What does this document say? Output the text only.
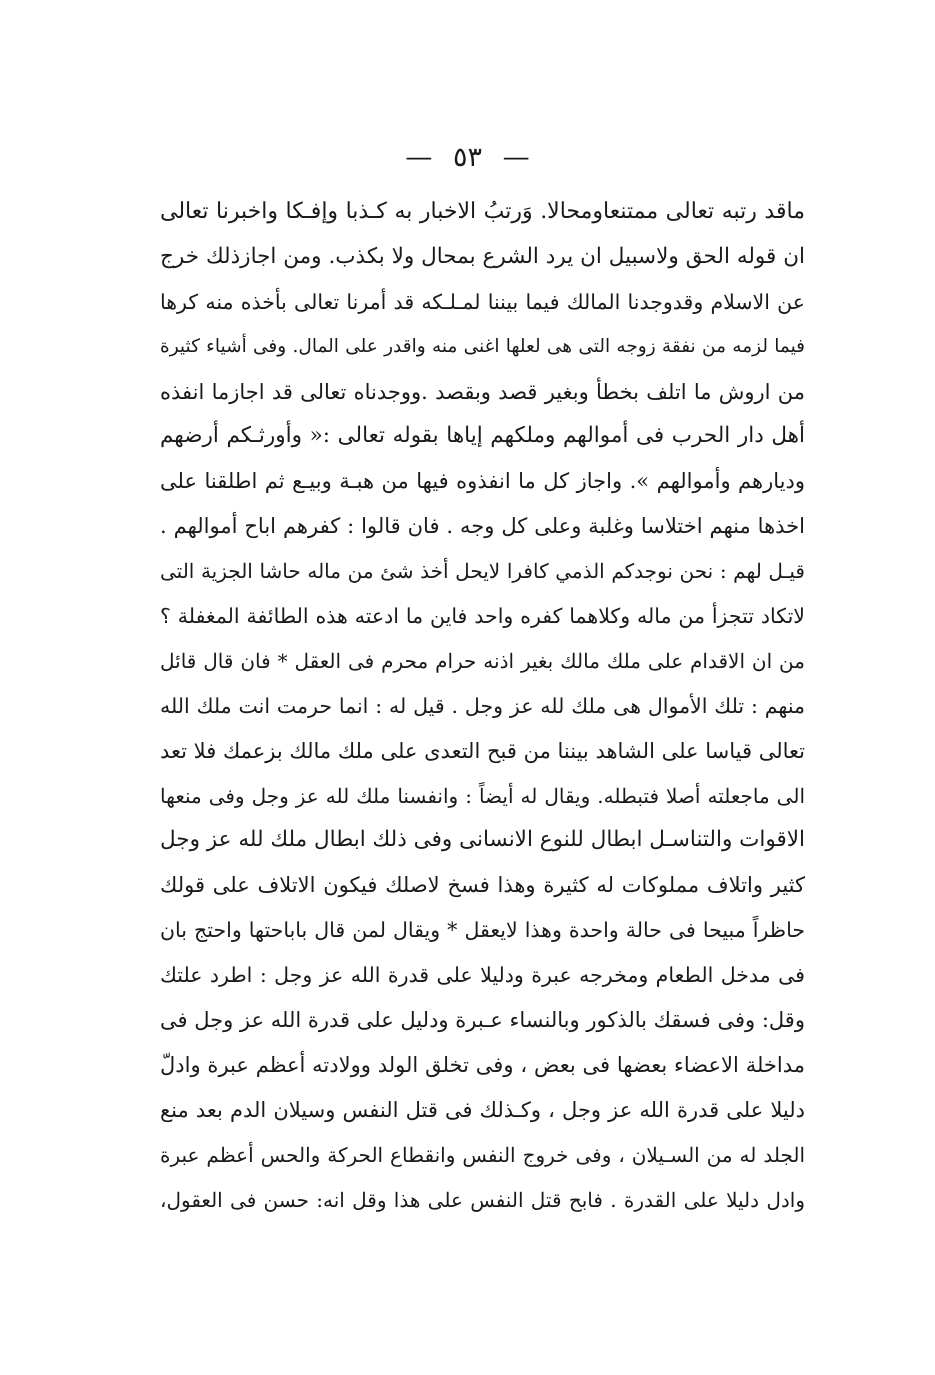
— ٥٣ —
ماقد رتبه تعالى ممتنعاومحالا. وَرتبُ الاخبار به كـذبا وإفـكا واخبرنا تعالى
ان قوله الحق ولاسبيل ان يرد الشرع بمحال ولا بكذب. ومن اجازذلك خرج
عن الاسلام وقدوجدنا المالك فيما بيننا لمـلـكه قد أمرنا تعالى بأخذه منه كرها
فيما لزمه من نفقة زوجه التى هى لعلها اغنى منه واقدر على المال. وفى أشياء كثيرة
من اروش ما اتلف بخطأ وبغير قصد وبقصد .ووجدناه تعالى قد اجازما انفذه
أهل دار الحرب فى أموالهم وملكهم إياها بقوله تعالى :« وأورثـكم أرضهم
وديارهم وأموالهم ». واجاز كل ما انفذوه فيها من هبـة وبيـع ثم اطلقنا على
اخذها منهم اختلاسا وغلبة وعلى كل وجه . فان قالوا : كفرهم اباح أموالهم .
قيـل لهم : نحن نوجدكم الذمي كافرا لايحل أخذ شئ من ماله حاشا الجزية التى
لاتكاد تتجزأ من ماله وكلاهما كفره واحد فاين ما ادعته هذه الطائفة المغفلة ؟
من ان الاقدام على ملك مالك بغير اذنه حرام محرم فى العقل * فان قال قائل
منهم : تلك الأموال هى ملك لله عز وجل . قيل له : انما حرمت انت ملك الله
تعالى قياسا على الشاهد بيننا من قبح التعدى على ملك مالك بزعمك فلا تعد
الى ماجعلته أصلا فتبطله. ويقال له أيضاً : وانفسنا ملك لله عز وجل وفى منعها
الاقوات والتناسـل ابطال للنوع الانسانى وفى ذلك ابطال ملك لله عز وجل
كثير واتلاف مملوكات له كثيرة وهذا فسخ لاصلك فيكون الاتلاف على قولك
حاظراً مبيحا فى حالة واحدة وهذا لايعقل * ويقال لمن قال باباحتها واحتج بان
فى مدخل الطعام ومخرجه عبرة ودليلا على قدرة الله عز وجل : اطرد علتك
وقل: وفى فسقك بالذكور وبالنساء عـبرة ودليل على قدرة الله عز وجل فى
مداخلة الاعضاء بعضها فى بعض ، وفى تخلق الولد وولادته أعظم عبرة وادلّ
دليلا على قدرة الله عز وجل ، وكـذلك فى قتل النفس وسيلان الدم بعد منع
الجلد له من السـيلان ، وفى خروج النفس وانقطاع الحركة والحس أعظم عبرة
وادل دليلا على القدرة . فابح قتل النفس على هذا وقل انه: حسن فى العقول،
